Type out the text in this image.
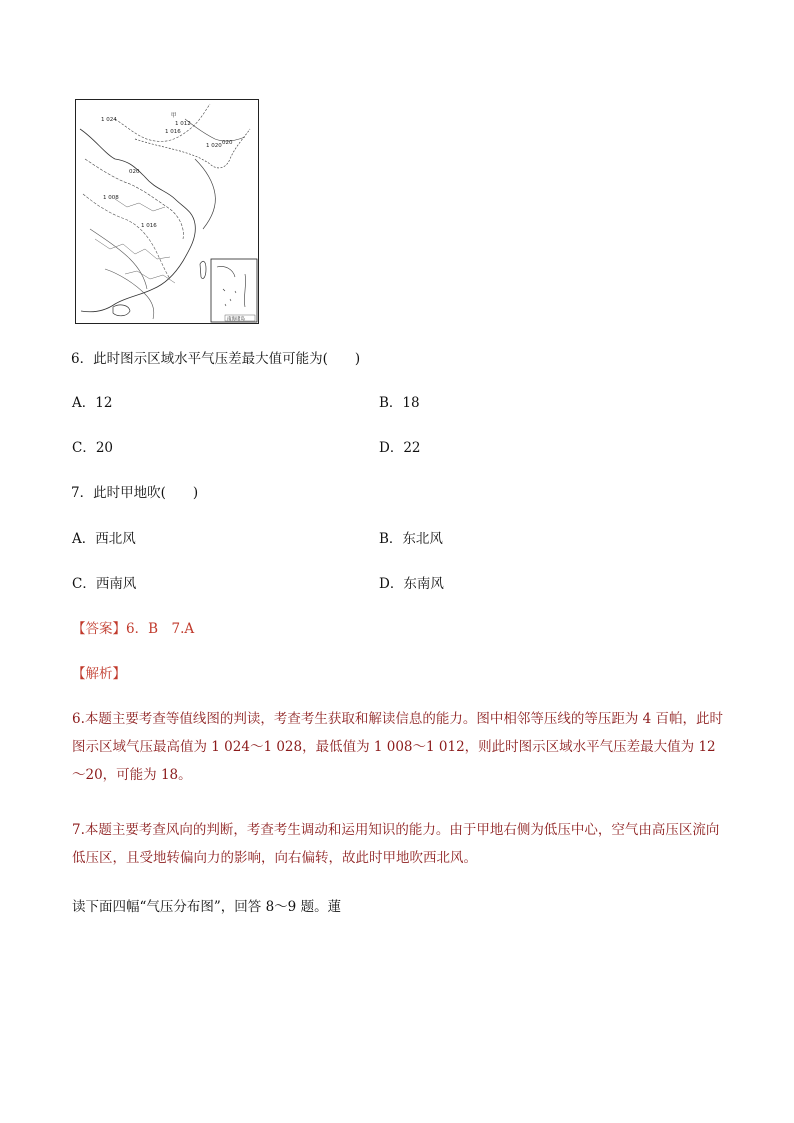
南海诸岛
1 024
甲
1 012
1 016
1 020 020
020
1 008
1 016
6．此时图示区域水平气压差最大值可能为(　　)
A．12	B．18
C．20	D．22
7．此时甲地吹(　　)
A．西北风	B．东北风
C．西南风	D．东南风
【答案】6．B　7.A
【解析】
6.本题主要考查等值线图的判读，考查考生获取和解读信息的能力。图中相邻等压线的等压距为 4 百帕，此时图示区域气压最高值为 1 024～1 028，最低值为 1 008～1 012，则此时图示区域水平气压差最大值为 12～20，可能为 18。
7.本题主要考查风向的判断，考查考生调动和运用知识的能力。由于甲地右侧为低压中心，空气由高压区流向低压区，且受地转偏向力的影响，向右偏转，故此时甲地吹西北风。
读下面四幅“气压分布图”，回答 8～9 题。蓮
